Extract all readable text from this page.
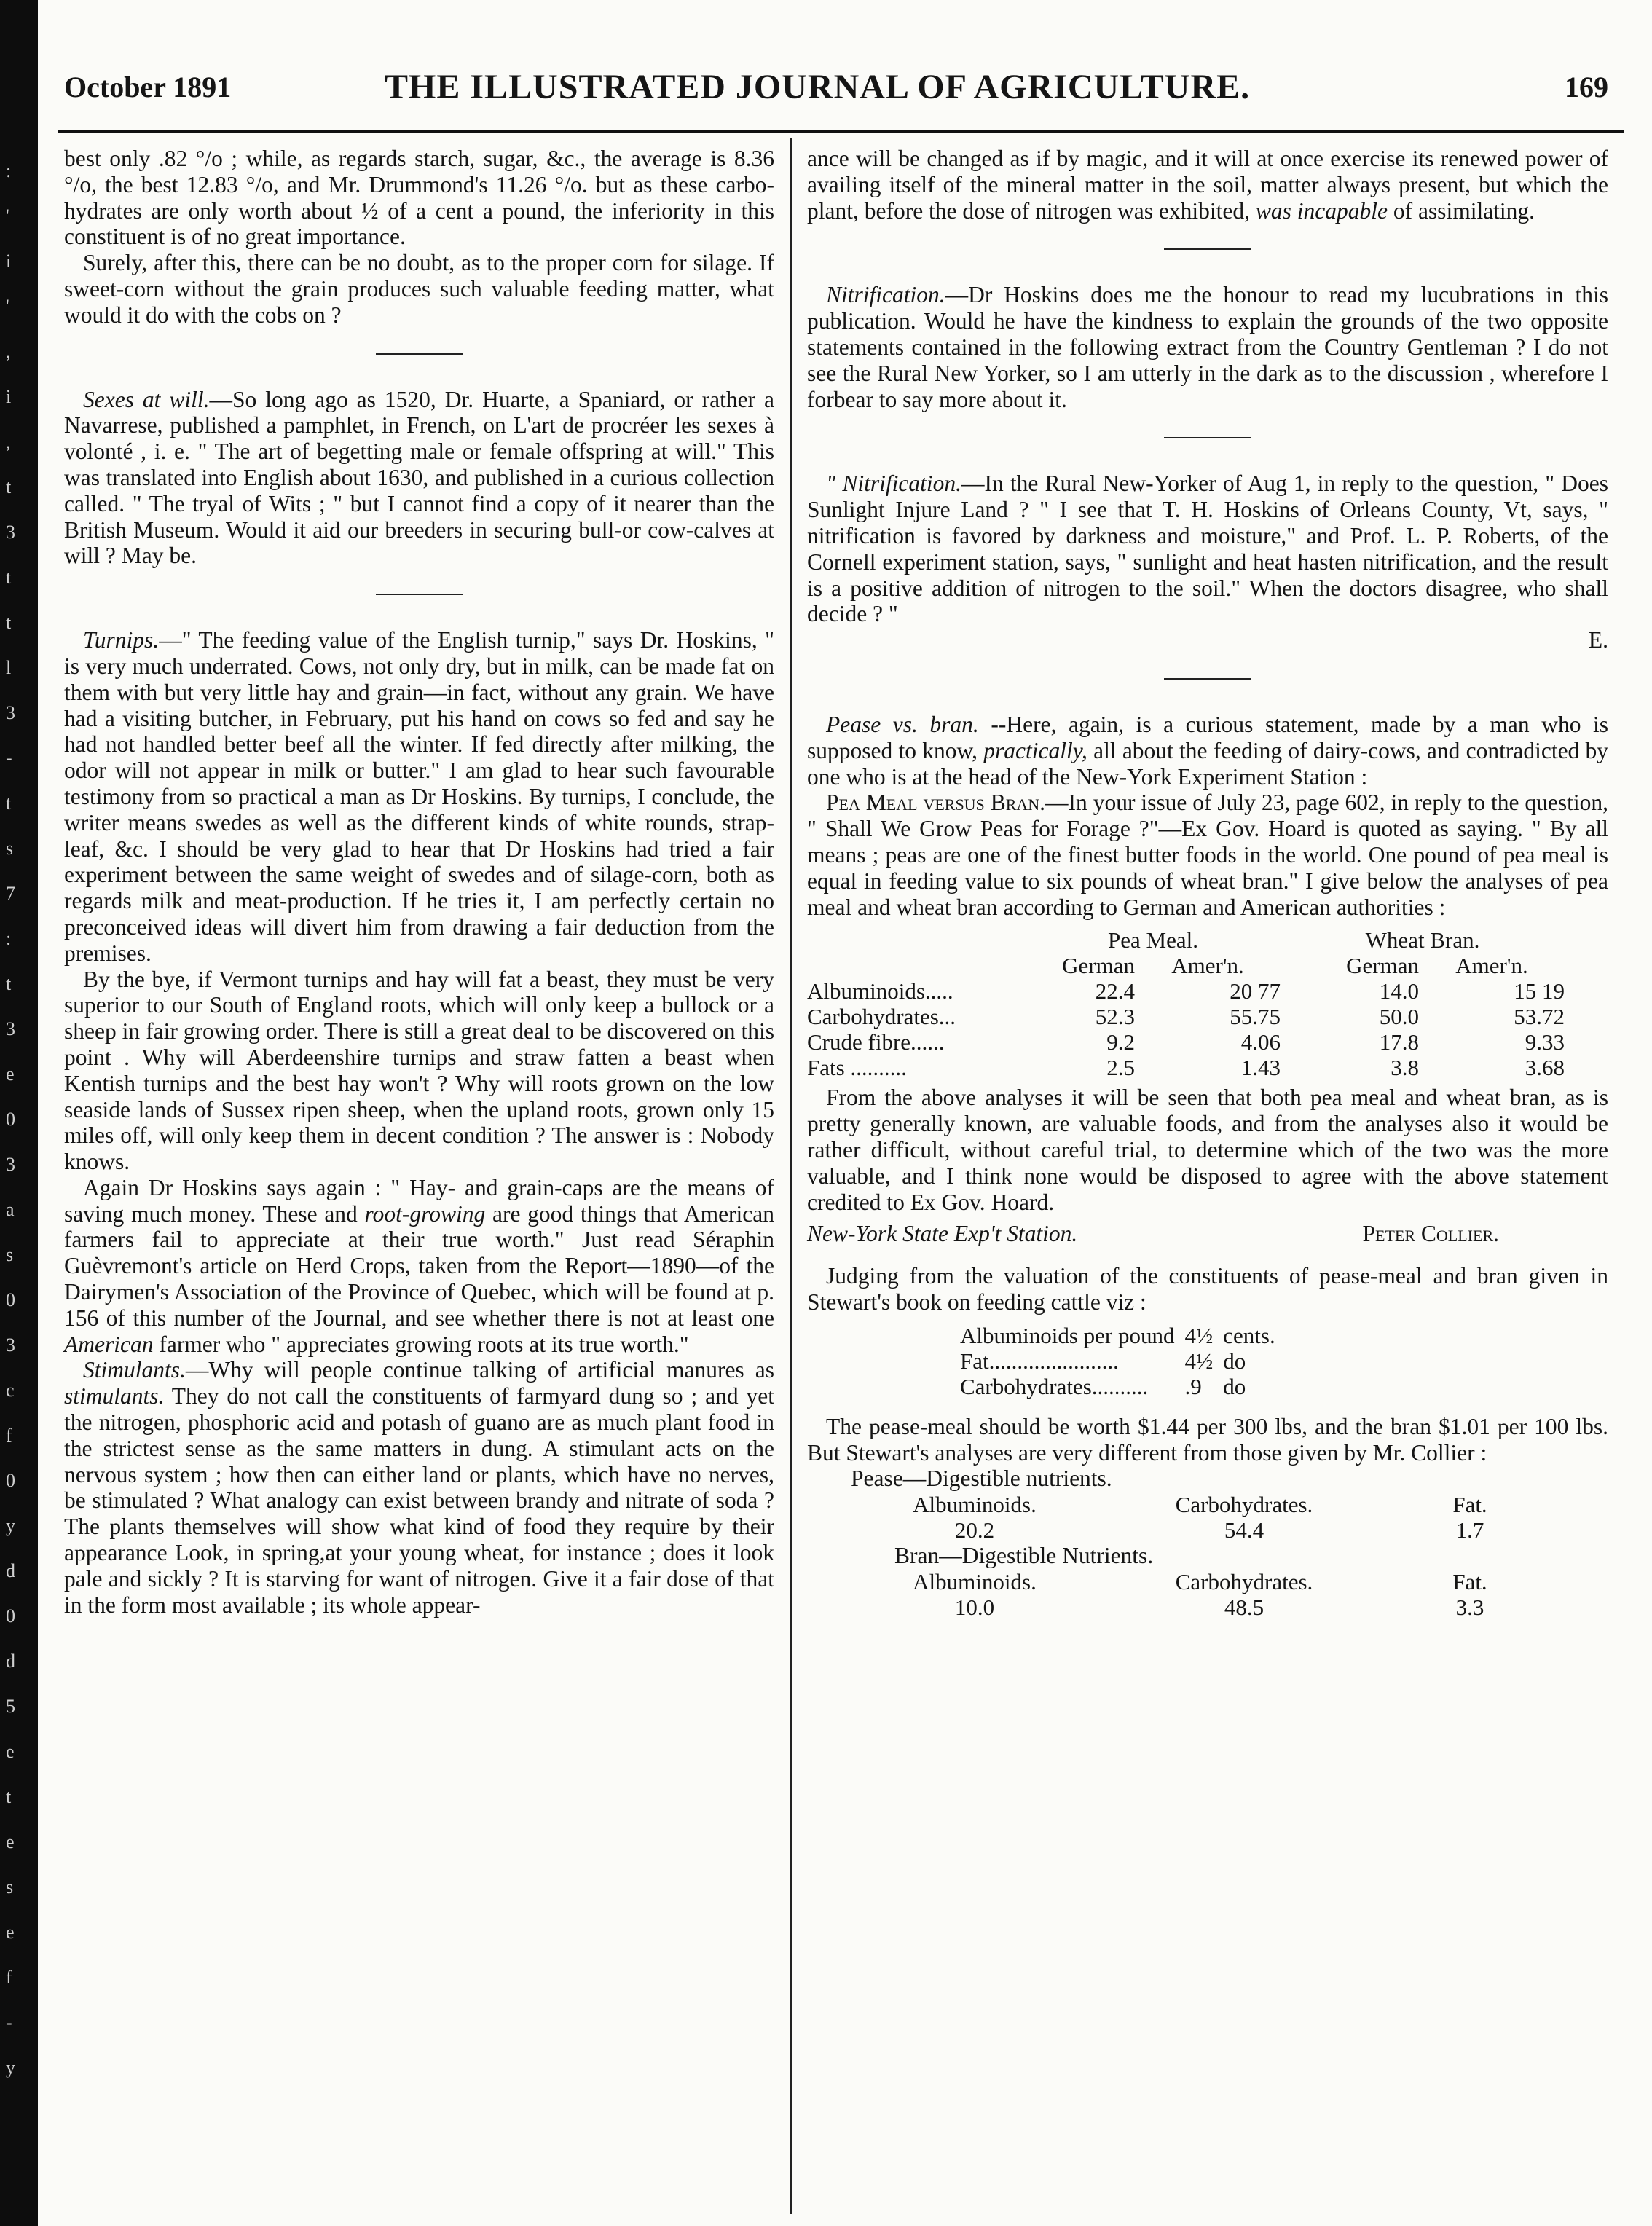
:
'
i
'
,
i
,
t
3
t
t
l
3
-
t
s
7
:
t
3
e
0
3
a
s
0
3
c
f
0
y
d
0
d
5
e
t
e
s
e
f
-
y
October 1891	THE ILLUSTRATED JOURNAL OF AGRICULTURE.	169

best only .82 °/o ; while, as regards starch, sugar, &c., the average is 8.36 °/o, the best 12.83 °/o, and Mr. Drummond's 11.26 °/o. but as these carbo-hydrates are only worth about ½ of a cent a pound, the inferiority in this constituent is of no great importance.

Surely, after this, there can be no doubt, as to the proper corn for silage. If sweet-corn without the grain produces such valuable feeding matter, what would it do with the cobs on ?

Sexes at will.—So long ago as 1520, Dr. Huarte, a Spaniard, or rather a Navarrese, published a pamphlet, in French, on L'art de procréer les sexes à volonté , i. e. " The art of begetting male or female offspring at will." This was translated into English about 1630, and published in a curious collection called. " The tryal of Wits ; " but I cannot find a copy of it nearer than the British Museum. Would it aid our breeders in securing bull-or cow-calves at will ? May be.

Turnips.—" The feeding value of the English turnip," says Dr. Hoskins, " is very much underrated. Cows, not only dry, but in milk, can be made fat on them with but very little hay and grain—in fact, without any grain. We have had a visiting butcher, in February, put his hand on cows so fed and say he had not handled better beef all the winter. If fed directly after milking, the odor will not appear in milk or butter." I am glad to hear such favourable testimony from so practical a man as Dr Hoskins. By turnips, I conclude, the writer means swedes as well as the different kinds of white rounds, strap-leaf, &c. I should be very glad to hear that Dr Hoskins had tried a fair experiment between the same weight of swedes and of silage-corn, both as regards milk and meat-production. If he tries it, I am perfectly certain no preconceived ideas will divert him from drawing a fair deduction from the premises.

By the bye, if Vermont turnips and hay will fat a beast, they must be very superior to our South of England roots, which will only keep a bullock or a sheep in fair growing order. There is still a great deal to be discovered on this point . Why will Aberdeenshire turnips and straw fatten a beast when Kentish turnips and the best hay won't ? Why will roots grown on the low seaside lands of Sussex ripen sheep, when the upland roots, grown only 15 miles off, will only keep them in decent condition ? The answer is : Nobody knows.

Again Dr Hoskins says again : " Hay- and grain-caps are the means of saving much money. These and root-growing are good things that American farmers fail to appreciate at their true worth." Just read Séraphin Guèvremont's article on Herd Crops, taken from the Report—1890—of the Dairymen's Association of the Province of Quebec, which will be found at p. 156 of this number of the Journal, and see whether there is not at least one American farmer who " appreciates growing roots at its true worth."

Stimulants.—Why will people continue talking of artificial manures as stimulants. They do not call the constituents of farmyard dung so ; and yet the nitrogen, phosphoric acid and potash of guano are as much plant food in the strictest sense as the same matters in dung. A stimulant acts on the nervous system ; how then can either land or plants, which have no nerves, be stimulated ? What analogy can exist between brandy and nitrate of soda ? The plants themselves will show what kind of food they require by their appearance Look, in spring,at your young wheat, for instance ; does it look pale and sickly ? It is starving for want of nitrogen. Give it a fair dose of that in the form most available ; its whole appear-

ance will be changed as if by magic, and it will at once exercise its renewed power of availing itself of the mineral matter in the soil, matter always present, but which the plant, before the dose of nitrogen was exhibited, was incapable of assimilating.

Nitrification.—Dr Hoskins does me the honour to read my lucubrations in this publication. Would he have the kindness to explain the grounds of the two opposite statements contained in the following extract from the Country Gentleman ? I do not see the Rural New Yorker, so I am utterly in the dark as to the discussion , wherefore I forbear to say more about it.

" Nitrification.—In the Rural New-Yorker of Aug 1, in reply to the question, " Does Sunlight Injure Land ? " I see that T. H. Hoskins of Orleans County, Vt, says, " nitrification is favored by darkness and moisture," and Prof. L. P. Roberts, of the Cornell experiment station, says, " sunlight and heat hasten nitrification, and the result is a positive addition of nitrogen to the soil." When the doctors disagree, who shall decide ? "
E.

Pease vs. bran. --Here, again, is a curious statement, made by a man who is supposed to know, practically, all about the feeding of dairy-cows, and contradicted by one who is at the head of the New-York Experiment Station :

Pea Meal versus Bran.—In your issue of July 23, page 602, in reply to the question, " Shall We Grow Peas for Forage ?"—Ex Gov. Hoard is quoted as saying. " By all means ; peas are one of the finest butter foods in the world. One pound of pea meal is equal in feeding value to six pounds of wheat bran." I give below the analyses of pea meal and wheat bran according to German and American authorities :

	Pea Meal.		Wheat Bran.	
	German	Amer'n.	German	Amer'n.
Albuminoids.....	22.4	20 77	14.0	15 19
Carbohydrates...	52.3	55.75	50.0	53.72
Crude fibre......	9.2	4.06	17.8	9.33
Fats ..........	2.5	1.43	3.8	3.68

From the above analyses it will be seen that both pea meal and wheat bran, as is pretty generally known, are valuable foods, and from the analyses also it would be rather difficult, without careful trial, to determine which of the two was the more valuable, and I think none would be disposed to agree with the above statement credited to Ex Gov. Hoard.

New-York State Exp't Station.	Peter Collier.

Judging from the valuation of the constituents of pease-meal and bran given in Stewart's book on feeding cattle viz :

Albuminoids per pound	4½	cents.
Fat.......................	4½	do
Carbohydrates..........	.9	do

The pease-meal should be worth $1.44 per 300 lbs, and the bran $1.01 per 100 lbs. But Stewart's analyses are very different from those given by Mr. Collier :

Pease—Digestible nutrients.
Albuminoids.	Carbohydrates.	Fat.
20.2	54.4	1.7
Bran—Digestible Nutrients.
Albuminoids.	Carbohydrates.	Fat.
10.0	48.5	3.3
